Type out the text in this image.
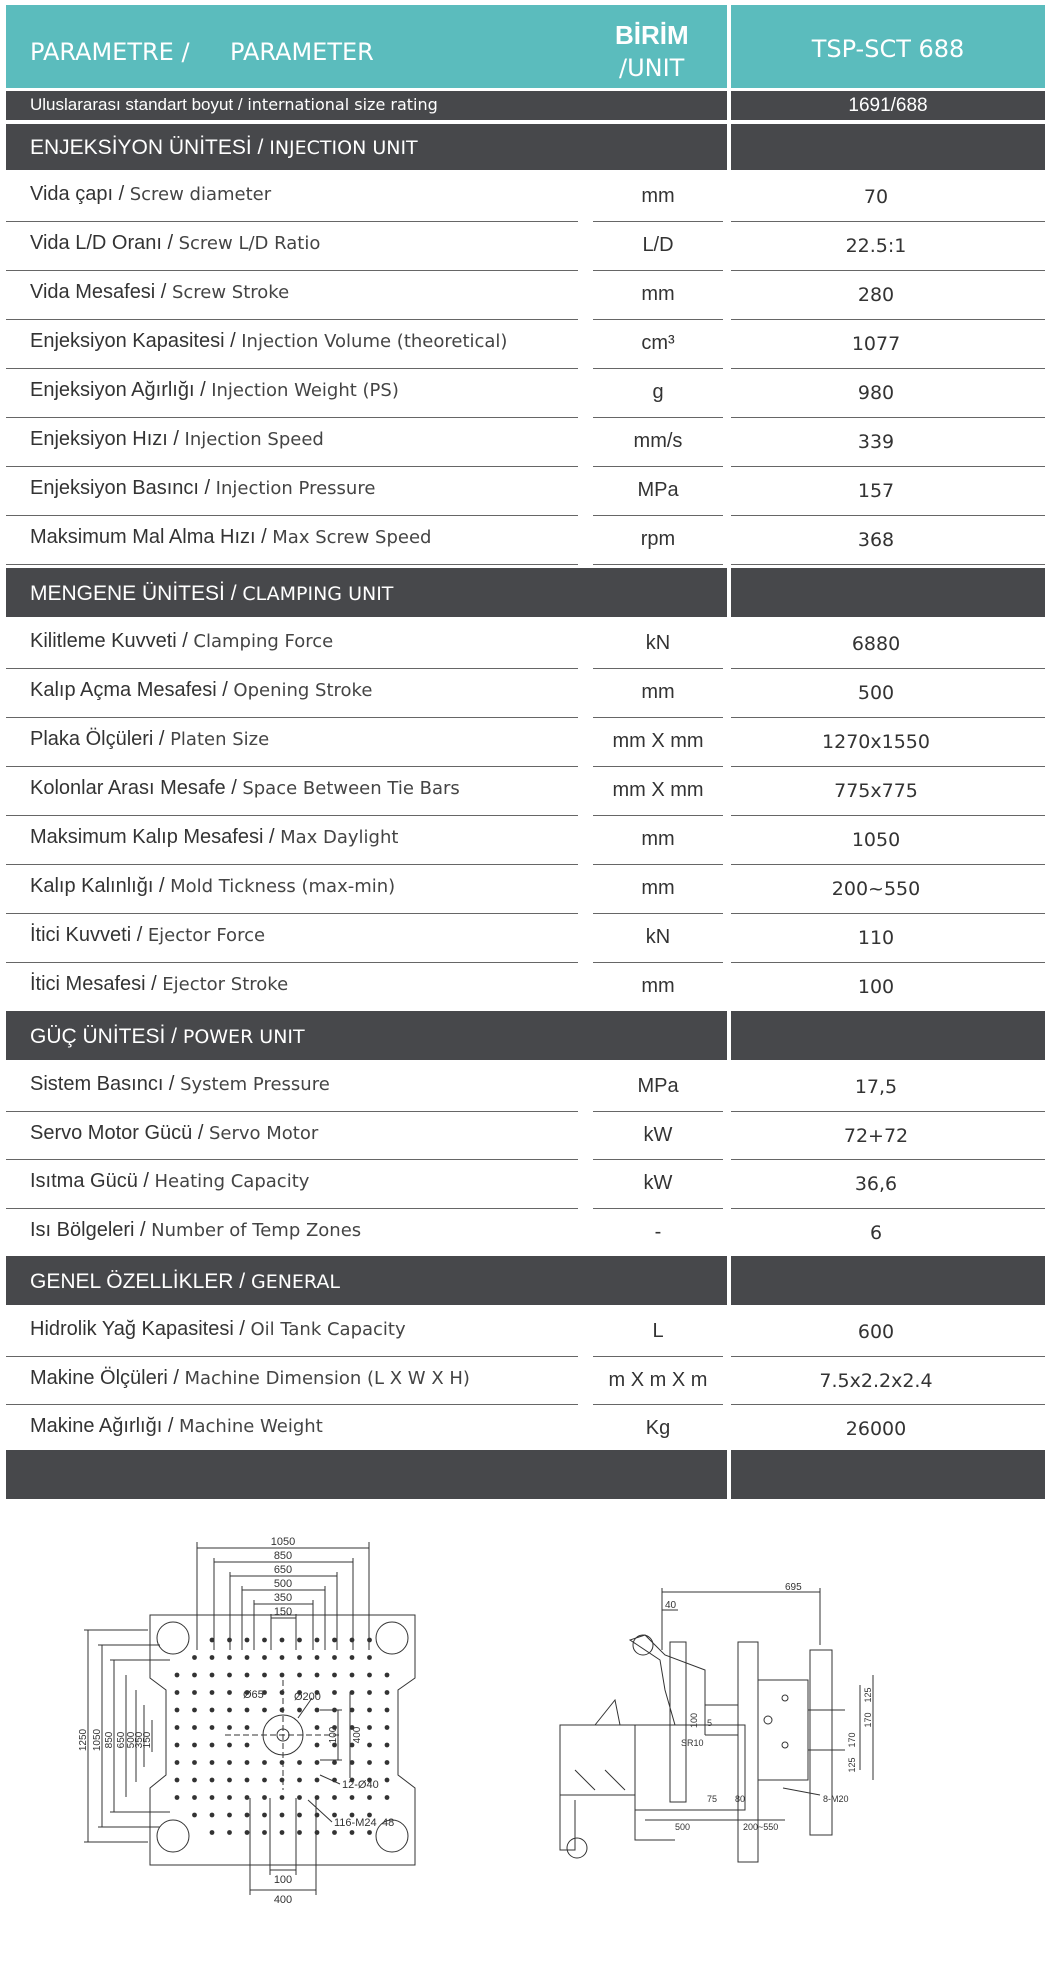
PARAMETRE / PARAMETER
BİRİM
/UNIT
TSP-SCT 688
Uluslararası standart boyut / international size rating	1691/688
ENJEKSİYON ÜNİTESİ / INJECTION UNIT
Vida çapı / Screw diameter	mm	70
Vida L/D Oranı / Screw L/D Ratio	L/D	22.5:1
Vida Mesafesi / Screw Stroke	mm	280
Enjeksiyon Kapasitesi / Injection Volume (theoretical)	cm³	1077
Enjeksiyon Ağırlığı / Injection Weight (PS)	g	980
Enjeksiyon Hızı / Injection Speed	mm/s	339
Enjeksiyon Basıncı / Injection Pressure	MPa	157
Maksimum Mal Alma Hızı / Max Screw Speed	rpm	368
MENGENE ÜNİTESİ / CLAMPING UNIT
Kilitleme Kuvveti / Clamping Force	kN	6880
Kalıp Açma Mesafesi / Opening Stroke	mm	500
Plaka Ölçüleri / Platen Size	mm X mm	1270x1550
Kolonlar Arası Mesafe / Space Between Tie Bars	mm X mm	775x775
Maksimum Kalıp Mesafesi / Max Daylight	mm	1050
Kalıp Kalınlığı / Mold Tickness (max-min)	mm	200~550
İtici Kuvveti / Ejector Force	kN	110
İtici Mesafesi / Ejector Stroke	mm	100
GÜÇ ÜNİTESİ / POWER UNIT
Sistem Basıncı / System Pressure	MPa	17,5
Servo Motor Gücü / Servo Motor	kW	72+72
Isıtma Gücü / Heating Capacity	kW	36,6
Isı Bölgeleri / Number of Temp Zones	-	6
GENEL ÖZELLİKLER / GENERAL
Hidrolik Yağ Kapasitesi / Oil Tank Capacity	L	600
Makine Ölçüleri / Machine Dimension (L X W X H)	m X m X m	7.5x2.2x2.4
Makine Ağırlığı / Machine Weight	Kg	26000
1050
850
650
500
350
150
1250 1050 850 650 500
350
150	100 400
Ø65	Ø200
12-Ø40
116-M24 48
100
400
695
40
125
170
170
125
100 5
SR10
75 80	8-M20
500	200~550
